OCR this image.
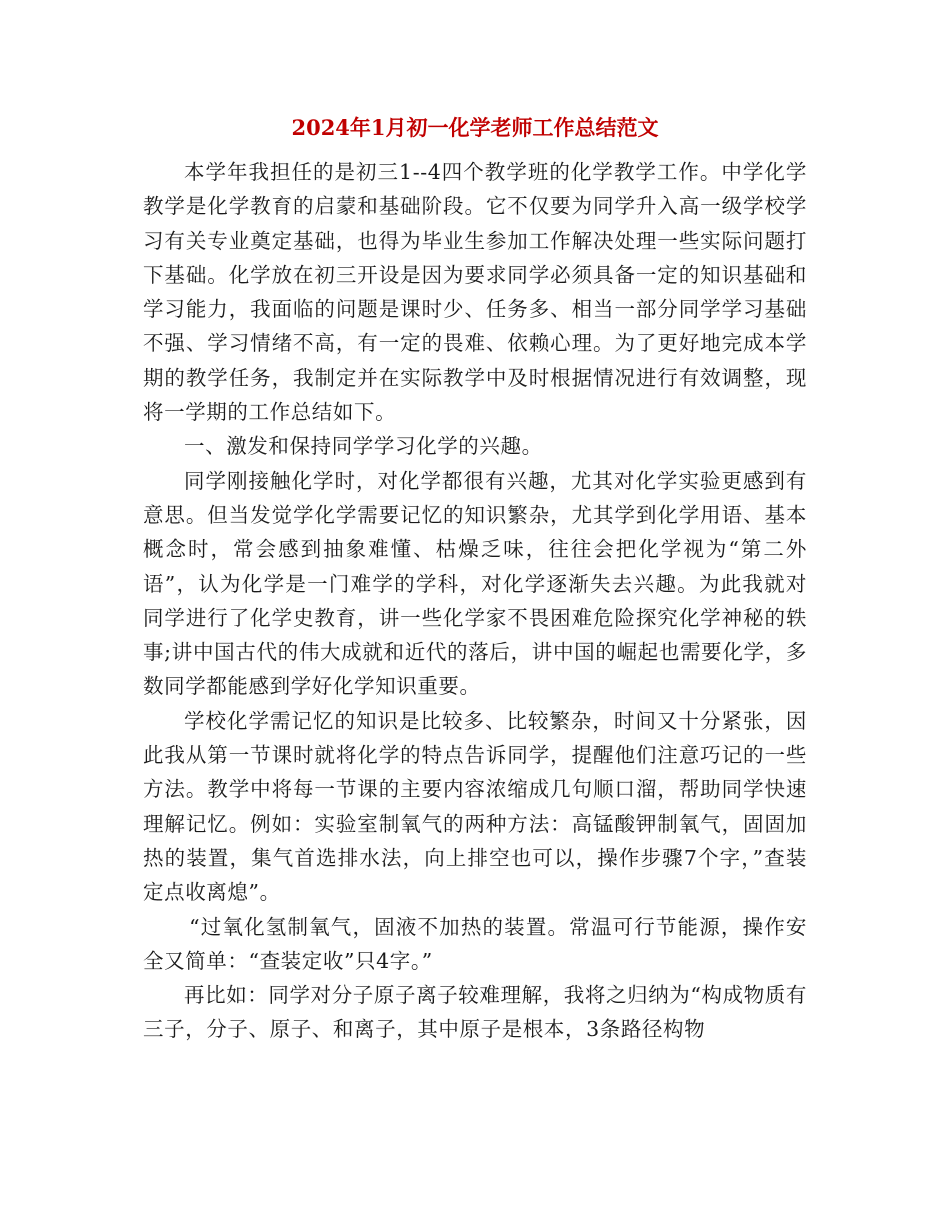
2024年1月初一化学老师工作总结范文

本学年我担任的是初三1--4四个教学班的化学教学工作。中学化学教学是化学教育的启蒙和基础阶段。它不仅要为同学升入高一级学校学习有关专业奠定基础，也得为毕业生参加工作解决处理一些实际问题打下基础。化学放在初三开设是因为要求同学必须具备一定的知识基础和学习能力，我面临的问题是课时少、任务多、相当一部分同学学习基础不强、学习情绪不高，有一定的畏难、依赖心理。为了更好地完成本学期的教学任务，我制定并在实际教学中及时根据情况进行有效调整，现将一学期的工作总结如下。

一、激发和保持同学学习化学的兴趣。

同学刚接触化学时，对化学都很有兴趣，尤其对化学实验更感到有意思。但当发觉学化学需要记忆的知识繁杂，尤其学到化学用语、基本概念时，常会感到抽象难懂、枯燥乏味，往往会把化学视为“第二外语”，认为化学是一门难学的学科，对化学逐渐失去兴趣。为此我就对同学进行了化学史教育，讲一些化学家不畏困难危险探究化学神秘的轶事;讲中国古代的伟大成就和近代的落后，讲中国的崛起也需要化学，多数同学都能感到学好化学知识重要。

学校化学需记忆的知识是比较多、比较繁杂，时间又十分紧张，因此我从第一节课时就将化学的特点告诉同学，提醒他们注意巧记的一些方法。教学中将每一节课的主要内容浓缩成几句顺口溜，帮助同学快速理解记忆。例如：实验室制氧气的两种方法：高锰酸钾制氧气，固固加热的装置，集气首选排水法，向上排空也可以，操作步骤7个字，”查装定点收离熄”。

“过氧化氢制氧气，固液不加热的装置。常温可行节能源，操作安全又简单：“查装定收”只4字。”

再比如：同学对分子原子离子较难理解，我将之归纳为“构成物质有三子，分子、原子、和离子，其中原子是根本，3条路径构物
